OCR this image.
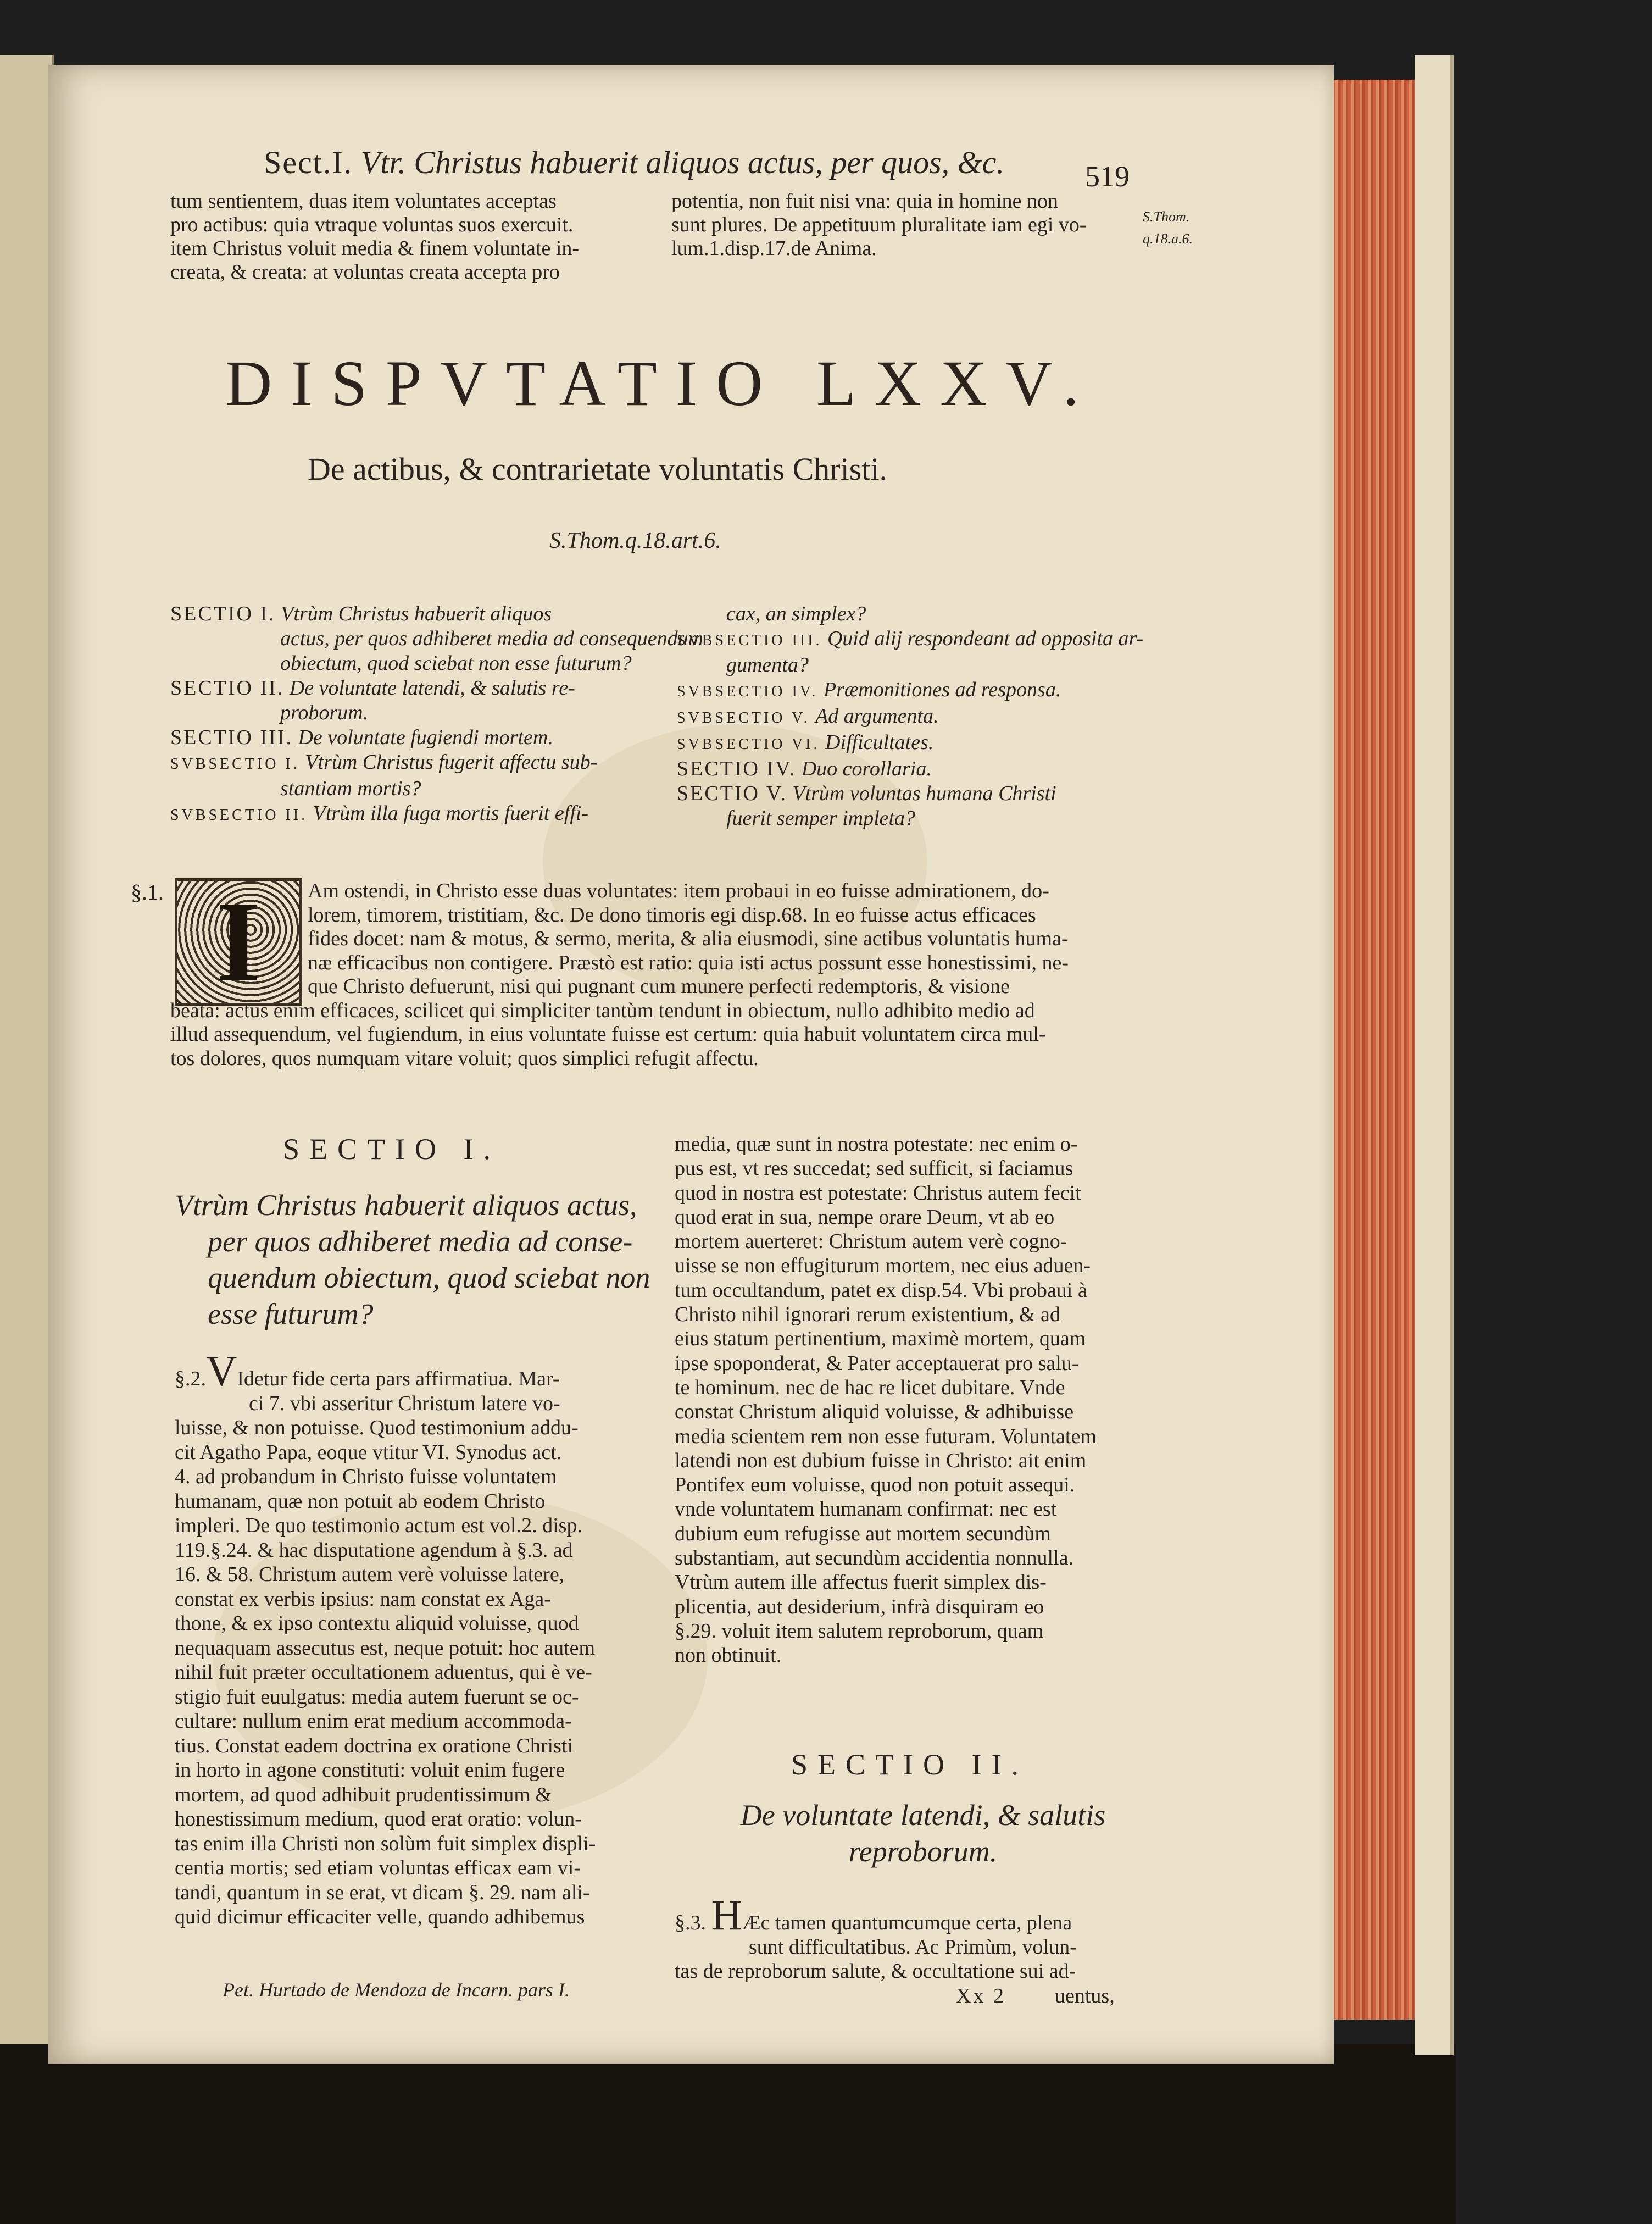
Sect.I. Vtr. Christus habuerit aliquos actus, per quos, &c.	519
tum sentientem, duas item voluntates acceptas
pro actibus: quia vtraque voluntas suos exercuit.
item Christus voluit media & finem voluntate in-
creata, & creata: at voluntas creata accepta pro
potentia, non fuit nisi vna: quia in homine non
sunt plures. De appetituum pluralitate iam egi vo-
lum.1.disp.17.de Anima.
S.Thom.
q.18.a.6.
DISPVTATIO LXXV.
De actibus, & contrarietate voluntatis Christi.
S.Thom.q.18.art.6.
SECTIO I. Vtrùm Christus habuerit aliquos
actus, per quos adhiberet media ad consequendum
obiectum, quod sciebat non esse futurum?
SECTIO II. De voluntate latendi, & salutis re-
proborum.
SECTIO III. De voluntate fugiendi mortem.
SVBSECTIO I. Vtrùm Christus fugerit affectu sub-
stantiam mortis?
SVBSECTIO II. Vtrùm illa fuga mortis fuerit effi-
cax, an simplex?
SVBSECTIO III. Quid alij respondeant ad opposita ar-
gumenta?
SVBSECTIO IV. Præmonitiones ad responsa.
SVBSECTIO V. Ad argumenta.
SVBSECTIO VI. Difficultates.
SECTIO IV. Duo corollaria.
SECTIO V. Vtrùm voluntas humana Christi
fuerit semper impleta?
§.1. I	Am ostendi, in Christo esse duas voluntates: item probaui in eo fuisse admirationem, do-
lorem, timorem, tristitiam, &c. De dono timoris egi disp.68. In eo fuisse actus efficaces
fides docet: nam & motus, & sermo, merita, & alia eiusmodi, sine actibus voluntatis huma-
næ efficacibus non contigere. Præstò est ratio: quia isti actus possunt esse honestissimi, ne-
que Christo defuerunt, nisi qui pugnant cum munere perfecti redemptoris, & visione
beata: actus enim efficaces, scilicet qui simpliciter tantùm tendunt in obiectum, nullo adhibito medio ad
illud assequendum, vel fugiendum, in eius voluntate fuisse est certum: quia habuit voluntatem circa mul-
tos dolores, quos numquam vitare voluit; quos simplici refugit affectu.
SECTIO I.
Vtrùm Christus habuerit aliquos actus,
per quos adhiberet media ad conse-
quendum obiectum, quod sciebat non
esse futurum?
§.2.VIdetur fide certa pars affirmatiua. Mar-
ci 7. vbi asseritur Christum latere vo-
luisse, & non potuisse. Quod testimonium addu-
cit Agatho Papa, eoque vtitur VI. Synodus act.
4. ad probandum in Christo fuisse voluntatem
humanam, quæ non potuit ab eodem Christo
impleri. De quo testimonio actum est vol.2. disp.
119.§.24. & hac disputatione agendum à §.3. ad
16. & 58. Christum autem verè voluisse latere,
constat ex verbis ipsius: nam constat ex Aga-
thone, & ex ipso contextu aliquid voluisse, quod
nequaquam assecutus est, neque potuit: hoc autem
nihil fuit præter occultationem aduentus, qui è ve-
stigio fuit euulgatus: media autem fuerunt se oc-
cultare: nullum enim erat medium accommoda-
tius. Constat eadem doctrina ex oratione Christi
in horto in agone constituti: voluit enim fugere
mortem, ad quod adhibuit prudentissimum &
honestissimum medium, quod erat oratio: volun-
tas enim illa Christi non solùm fuit simplex displi-
centia mortis; sed etiam voluntas efficax eam vi-
tandi, quantum in se erat, vt dicam §. 29. nam ali-
quid dicimur efficaciter velle, quando adhibemus
media, quæ sunt in nostra potestate: nec enim o-
pus est, vt res succedat; sed sufficit, si faciamus
quod in nostra est potestate: Christus autem fecit
quod erat in sua, nempe orare Deum, vt ab eo
mortem auerteret: Christum autem verè cogno-
uisse se non effugiturum mortem, nec eius aduen-
tum occultandum, patet ex disp.54. Vbi probaui à
Christo nihil ignorari rerum existentium, & ad
eius statum pertinentium, maximè mortem, quam
ipse spoponderat, & Pater acceptauerat pro salu-
te hominum. nec de hac re licet dubitare. Vnde
constat Christum aliquid voluisse, & adhibuisse
media scientem rem non esse futuram. Voluntatem
latendi non est dubium fuisse in Christo: ait enim
Pontifex eum voluisse, quod non potuit assequi.
vnde voluntatem humanam confirmat: nec est
dubium eum refugisse aut mortem secundùm
substantiam, aut secundùm accidentia nonnulla.
Vtrùm autem ille affectus fuerit simplex dis-
plicentia, aut desiderium, infrà disquiram eo
§.29. voluit item salutem reproborum, quam
non obtinuit.
SECTIO II.
De voluntate latendi, & salutis
reproborum.
§.3. HÆc tamen quantumcumque certa, plena
sunt difficultatibus. Ac Primùm, volun-
tas de reproborum salute, & occultatione sui ad-
Xx 2 uentus,
Pet. Hurtado de Mendoza de Incarn. pars I.
